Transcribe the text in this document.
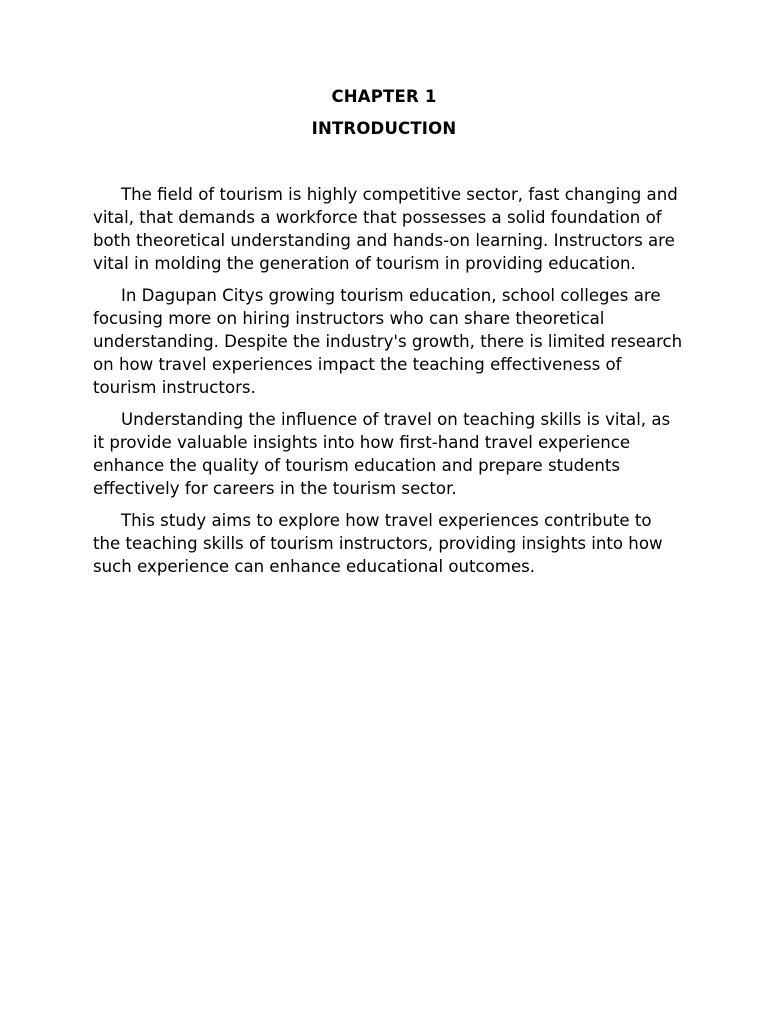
CHAPTER 1
INTRODUCTION

The field of tourism is highly competitive sector, fast changing and vital, that demands a workforce that possesses a solid foundation of both theoretical understanding and hands-on learning. Instructors are vital in molding the generation of tourism in providing education.

In Dagupan Citys growing tourism education, school colleges are focusing more on hiring instructors who can share theoretical understanding. Despite the industry's growth, there is limited research on how travel experiences impact the teaching effectiveness of tourism instructors.

Understanding the influence of travel on teaching skills is vital, as it provide valuable insights into how first-hand travel experience enhance the quality of tourism education and prepare students effectively for careers in the tourism sector.

This study aims to explore how travel experiences contribute to the teaching skills of tourism instructors, providing insights into how such experience can enhance educational outcomes.
